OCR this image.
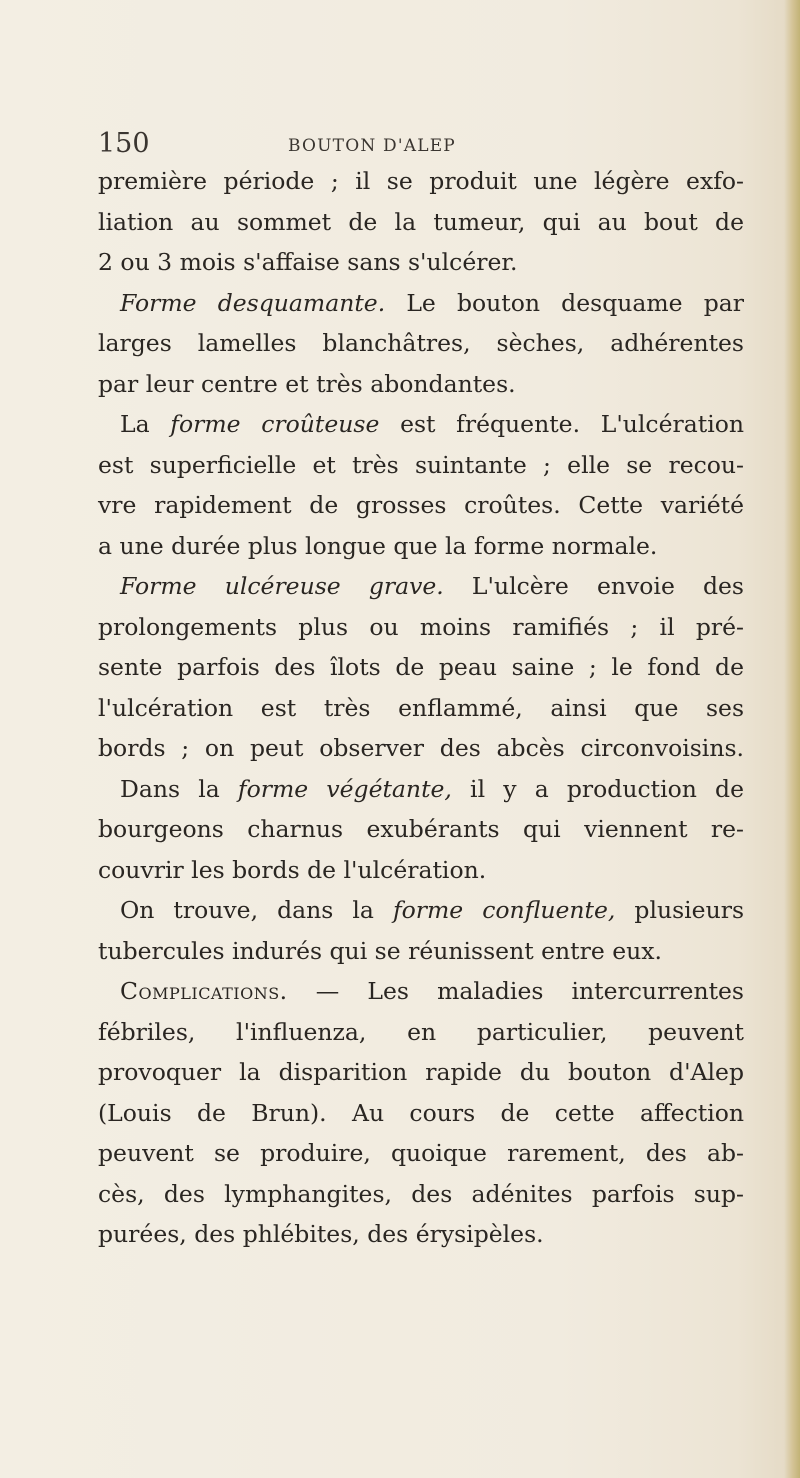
150	BOUTON D'ALEP
première période ; il se produit une légère exfo-
liation au sommet de la tumeur, qui au bout de
2 ou 3 mois s'affaise sans s'ulcérer.
Forme desquamante. Le bouton desquame par
larges lamelles blanchâtres, sèches, adhérentes
par leur centre et très abondantes.
La forme croûteuse est fréquente. L'ulcération
est superficielle et très suintante ; elle se recou-
vre rapidement de grosses croûtes. Cette variété
a une durée plus longue que la forme normale.
Forme ulcéreuse grave. L'ulcère envoie des
prolongements plus ou moins ramifiés ; il pré-
sente parfois des îlots de peau saine ; le fond de
l'ulcération est très enflammé, ainsi que ses
bords ; on peut observer des abcès circonvoisins.
Dans la forme végétante, il y a production de
bourgeons charnus exubérants qui viennent re-
couvrir les bords de l'ulcération.
On trouve, dans la forme confluente, plusieurs
tubercules indurés qui se réunissent entre eux.
Complications. — Les maladies intercurrentes
fébriles, l'influenza, en particulier, peuvent
provoquer la disparition rapide du bouton d'Alep
(Louis de Brun). Au cours de cette affection
peuvent se produire, quoique rarement, des ab-
cès, des lymphangites, des adénites parfois sup-
purées, des phlébites, des érysipèles.
